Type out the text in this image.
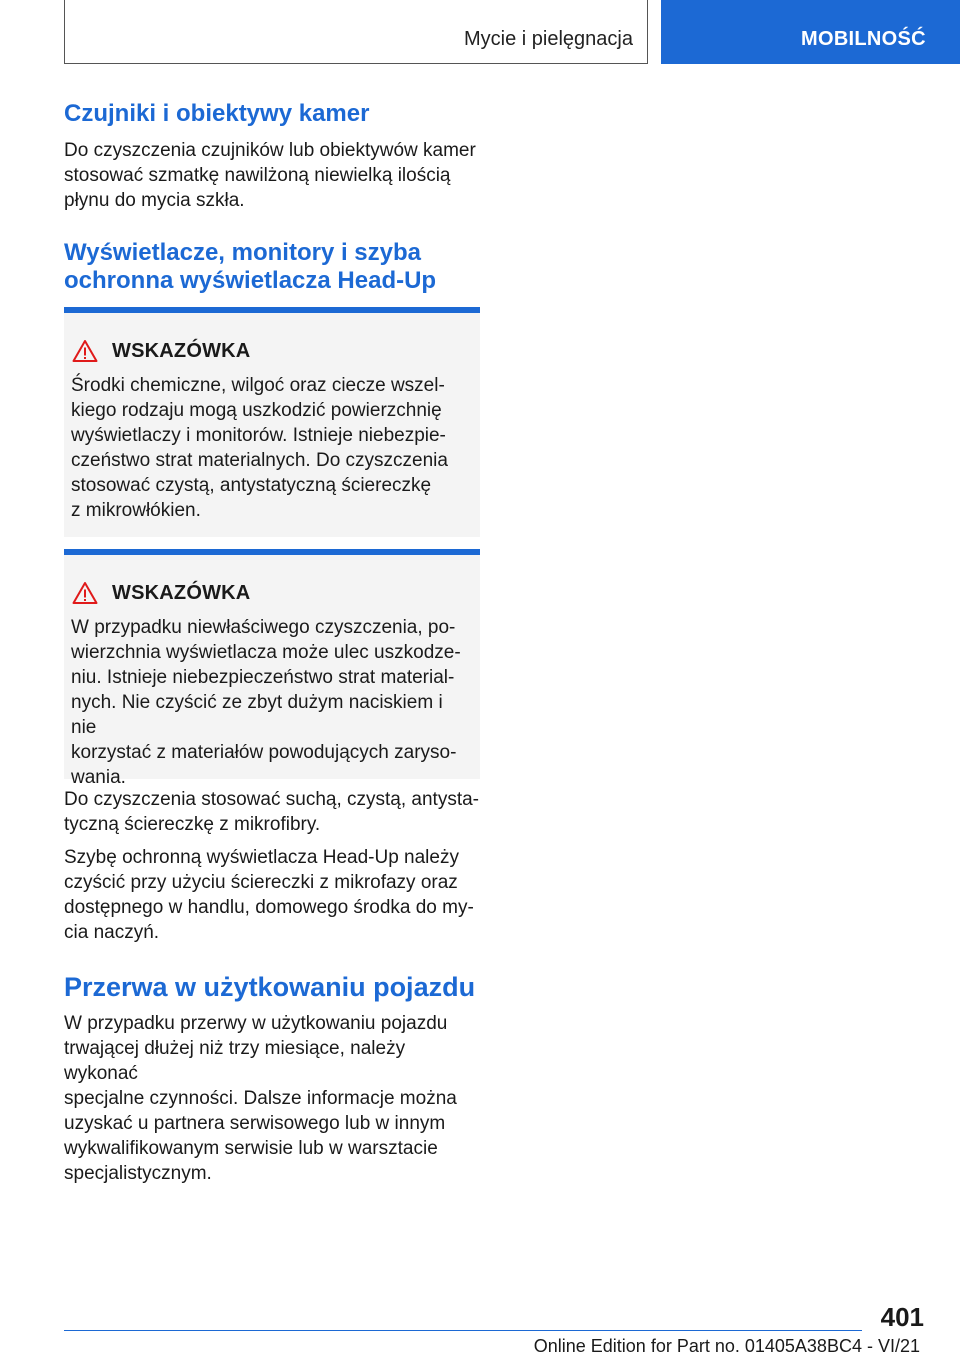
Mycie i pielęgnacja	MOBILNOŚĆ
Czujniki i obiektywy kamer

Do czyszczenia czujników lub obiektywów kamer

stosować szmatkę nawilżoną niewielką ilością

płynu do mycia szkła.

Wyświetlacze, monitory i szyba
ochronna wyświetlacza Head-Up
WSKAZÓWKA

Środki chemiczne, wilgoć oraz ciecze wszel-

kiego rodzaju mogą uszkodzić powierzchnię

wyświetlaczy i monitorów. Istnieje niebezpie-

czeństwo strat materialnych. Do czyszczenia

stosować czystą, antystatyczną ściereczkę

z mikrowłókien.

WSKAZÓWKA

W przypadku niewłaściwego czyszczenia, po-

wierzchnia wyświetlacza może ulec uszkodze-

niu. Istnieje niebezpieczeństwo strat material-

nych. Nie czyścić ze zbyt dużym naciskiem i nie

korzystać z materiałów powodujących zaryso-

wania.

Do czyszczenia stosować suchą, czystą, antysta-

tyczną ściereczkę z mikrofibry.

Szybę ochronną wyświetlacza Head-Up należy

czyścić przy użyciu ściereczki z mikrofazy oraz

dostępnego w handlu, domowego środka do my-

cia naczyń.

Przerwa w użytkowaniu pojazdu

W przypadku przerwy w użytkowaniu pojazdu

trwającej dłużej niż trzy miesiące, należy wykonać

specjalne czynności. Dalsze informacje można

uzyskać u partnera serwisowego lub w innym

wykwalifikowanym serwisie lub w warsztacie

specjalistycznym.

401
Online Edition for Part no. 01405A38BC4 - VI/21
